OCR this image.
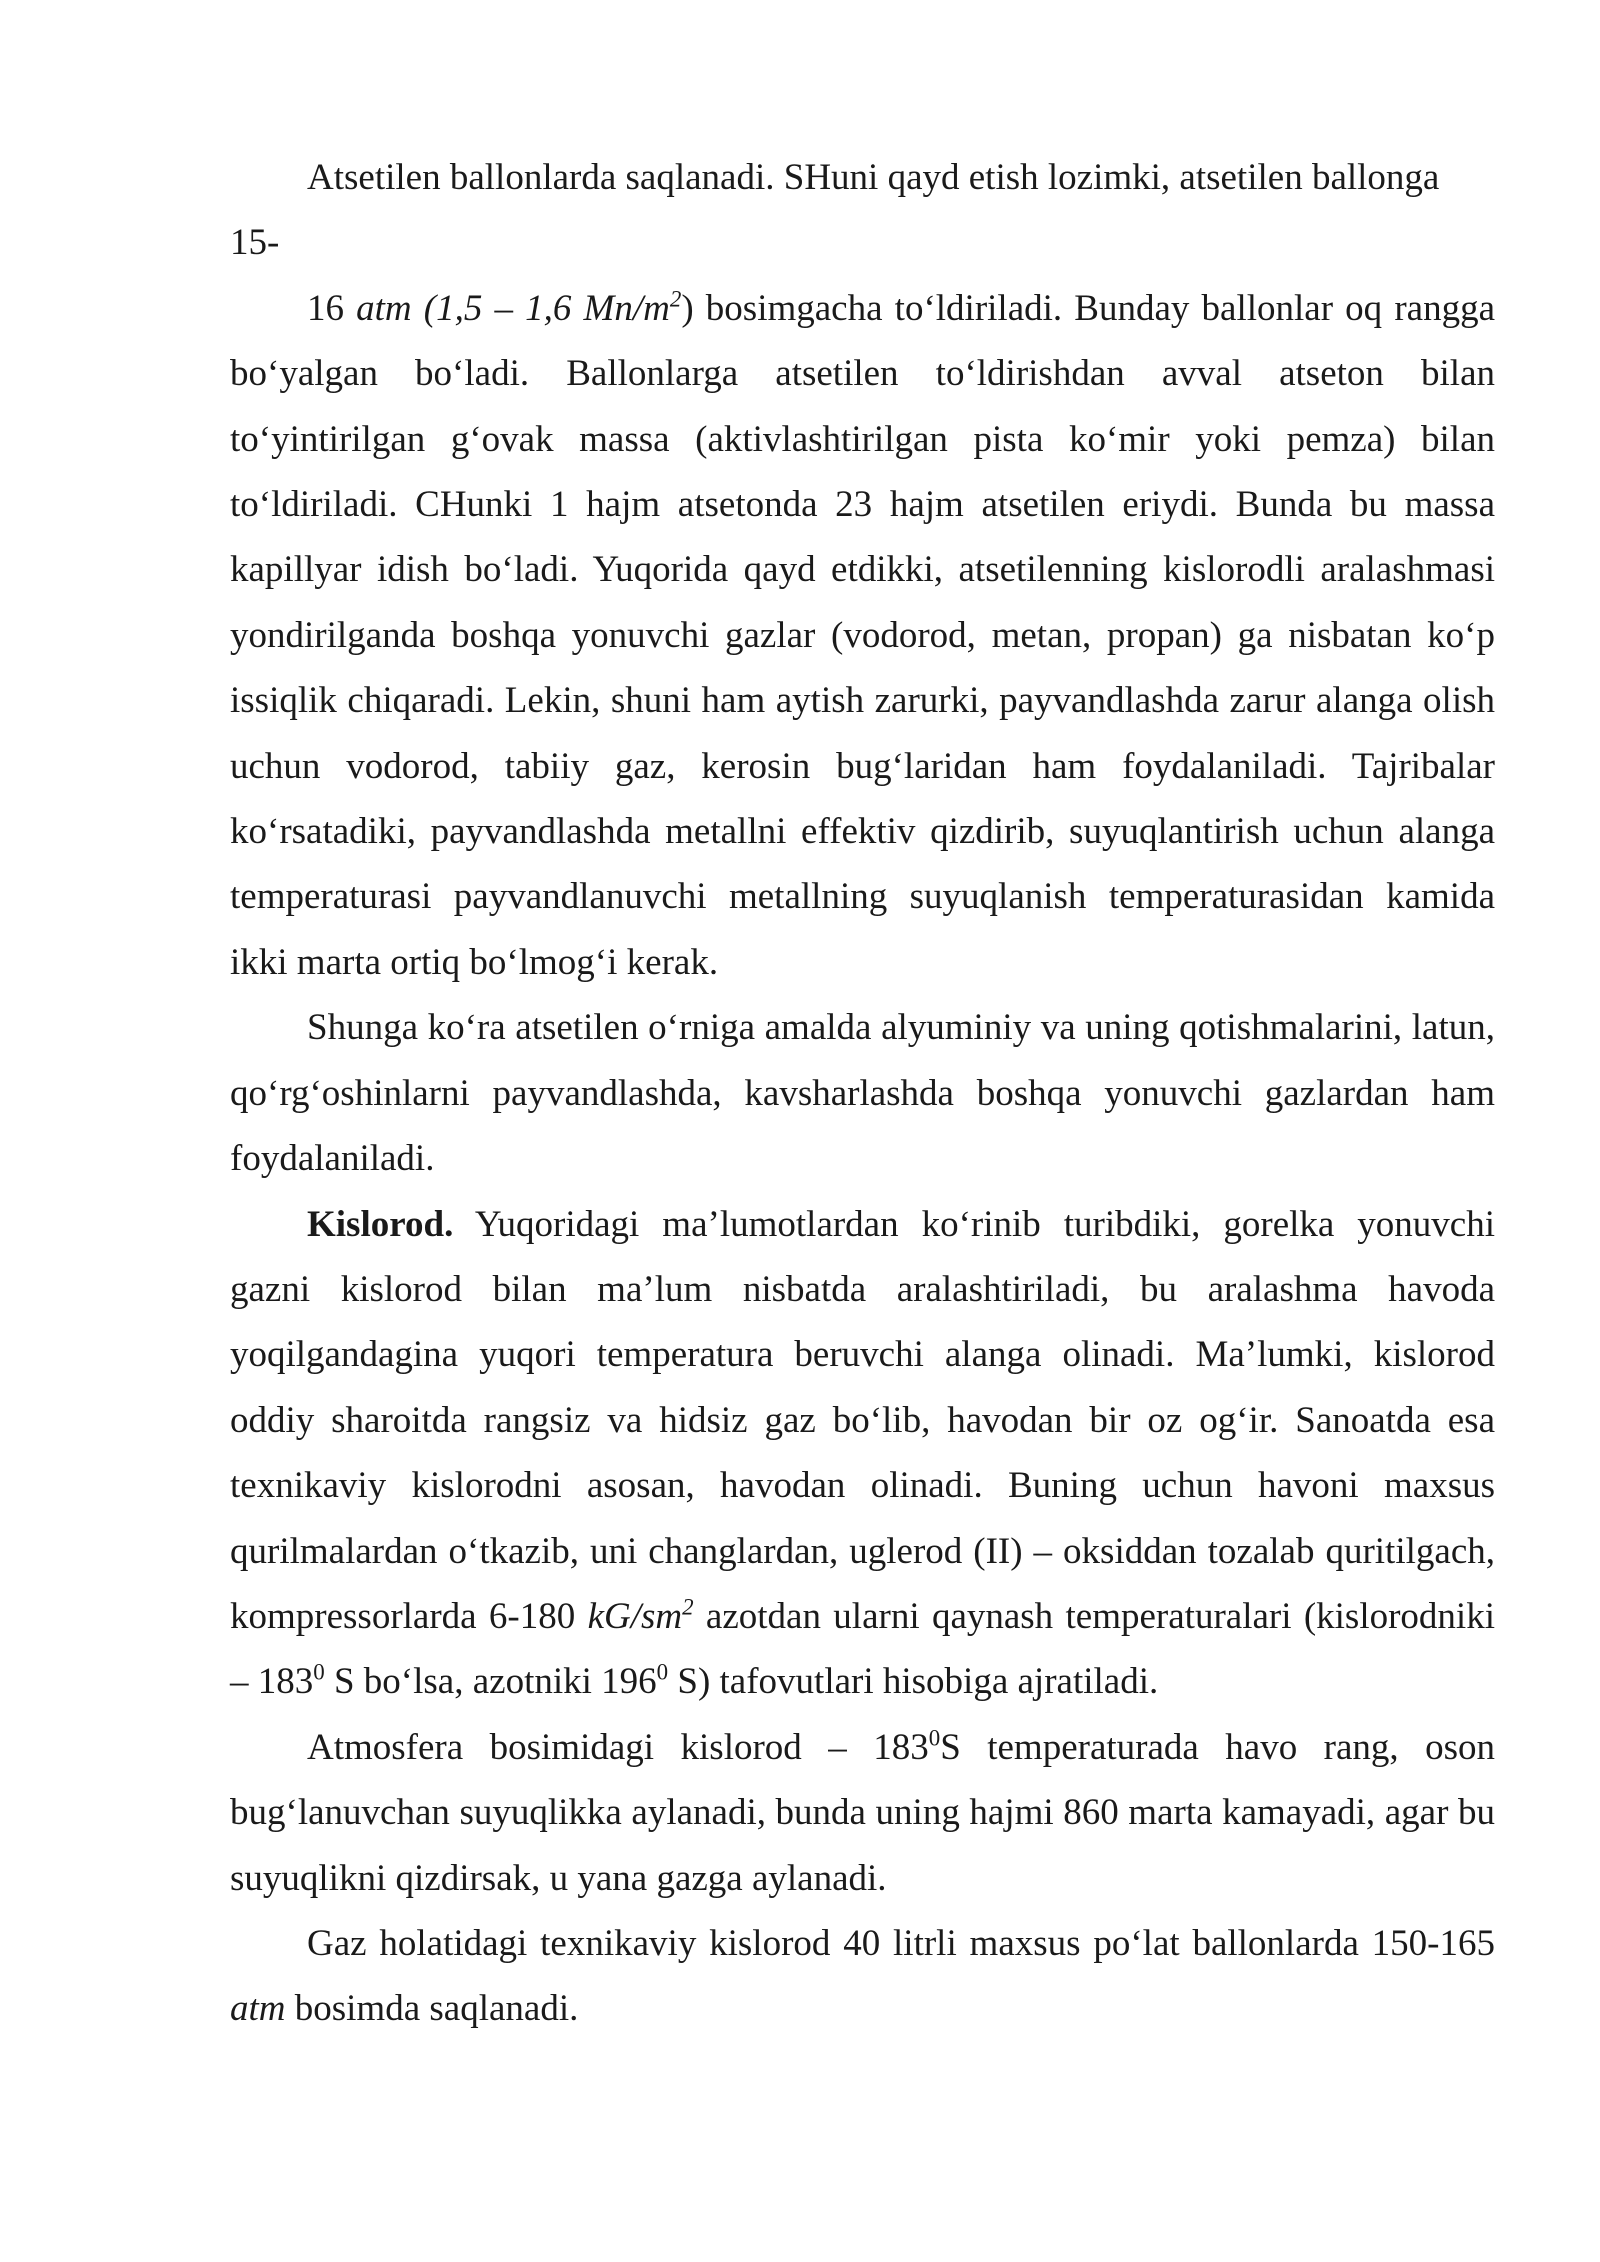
Atsetilen ballonlarda saqlanadi. SHuni qayd etish lozimki, atsetilen ballonga

15-

16 atm (1,5 – 1,6 $Mn/m^2$) bosimgacha to‘ldiriladi. Bunday ballonlar oq rangga bo‘yalgan bo‘ladi. Ballonlarga atsetilen to‘ldirishdan avval atseton bilan to‘yintirilgan g‘ovak massa (aktivlashtirilgan pista ko‘mir yoki pemza) bilan to‘ldiriladi. CHunki 1 hajm atsetonda 23 hajm atsetilen eriydi. Bunda bu massa kapillyar idish bo‘ladi. Yuqorida qayd etdikki, atsetilenning kislorodli aralashmasi yondirilganda boshqa yonuvchi gazlar (vodorod, metan, propan) ga nisbatan ko‘p issiqlik chiqaradi. Lekin, shuni ham aytish zarurki, payvandlashda zarur alanga olish uchun vodorod, tabiiy gaz, kerosin bug‘laridan ham foydalaniladi. Tajribalar ko‘rsatadiki, payvandlashda metallni effektiv qizdirib, suyuqlantirish uchun alanga temperaturasi payvandlanuvchi metallning suyuqlanish temperaturasidan kamida ikki marta ortiq bo‘lmog‘i kerak.

Shunga ko‘ra atsetilen o‘rniga amalda alyuminiy va uning qotishmalarini, latun, qo‘rg‘oshinlarni payvandlashda, kavsharlashda boshqa yonuvchi gazlardan ham foydalaniladi.

Kislorod. Yuqoridagi ma’lumotlardan ko‘rinib turibdiki, gorelka yonuvchi gazni kislorod bilan ma’lum nisbatda aralashtiriladi, bu aralashma havoda yoqilgandagina yuqori temperatura beruvchi alanga olinadi. Ma’lumki, kislorod oddiy sharoitda rangsiz va hidsiz gaz bo‘lib, havodan bir oz og‘ir. Sanoatda esa texnikaviy kislorodni asosan, havodan olinadi. Buning uchun havoni maxsus qurilmalardan o‘tkazib, uni changlardan, uglerod (II) – oksiddan tozalab quritilgach, kompressorlarda 6-180 $kG/sm^2$ azotdan ularni qaynash temperaturalari (kislorodniki – $183^0$ S bo‘lsa, azotniki $196^0$ S) tafovutlari hisobiga ajratiladi.

Atmosfera bosimidagi kislorod – $183^0S$ temperaturada havo rang, oson bug‘lanuvchan suyuqlikka aylanadi, bunda uning hajmi 860 marta kamayadi, agar bu suyuqlikni qizdirsak, u yana gazga aylanadi.

Gaz holatidagi texnikaviy kislorod 40 litrli maxsus po‘lat ballonlarda 150-165 atm bosimda saqlanadi.
